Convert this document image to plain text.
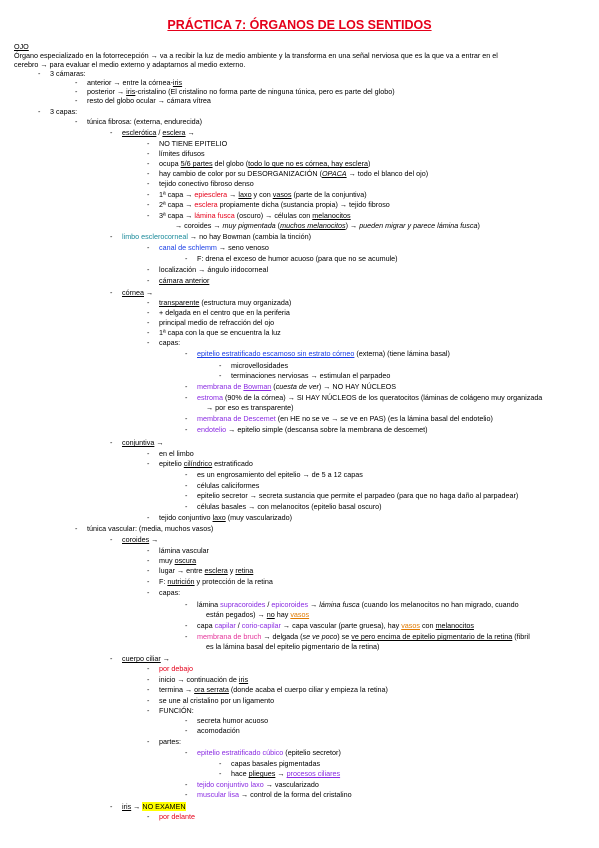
PRÁCTICA 7: ÓRGANOS DE LOS SENTIDOS
OJO
Órgano especializado en la fotorrecepción → va a recibir la luz de medio ambiente y la transforma en una señal nerviosa que es la que va a entrar en el
cerebro → para evaluar el medio externo y adaptarnos al medio externo.
- 3 cámaras:
- anterior → entre la córnea-iris
- posterior → iris-cristalino (El cristalino no forma parte de ninguna túnica, pero es parte del globo)
- resto del globo ocular → cámara vítrea
- 3 capas:
- túnica fibrosa: (externa, endurecida)
- esclerótica / esclera →
- NO TIENE EPITELIO
- límites difusos
- ocupa 5/6 partes del globo (todo lo que no es córnea, hay esclera)
- hay cambio de color por su DESORGANIZACIÓN (OPACA → todo el blanco del ojo)
- tejido conectivo fibroso denso
- 1ª capa → epiesclera → laxo y con vasos (parte de la conjuntiva)
- 2ª capa → esclera propiamente dicha (sustancia propia) → tejido fibroso
- 3ª capa → lámina fusca (oscuro) → células con melanocitos
→ coroides → muy pigmentada (muchos melanocitos) → pueden migrar y parece lámina fusca)
- limbo esclerocorneal → no hay Bowman (cambia la tinción)
- canal de schlemm → seno venoso
- F: drena el exceso de humor acuoso (para que no se acumule)
- localización → ángulo iridocorneal
- cámara anterior
- córnea →
- transparente (estructura muy organizada)
- + delgada en el centro que en la periferia
- principal medio de refracción del ojo
- 1ª capa con la que se encuentra la luz
- capas:
- epitelio estratificado escamoso sin estrato córneo (externa) (tiene lámina basal)
- microvellosidades
- terminaciones nerviosas → estimulan el parpadeo
- membrana de Bowman (cuesta de ver) → NO HAY NÚCLEOS
- estroma (90% de la córnea) → SI HAY NÚCLEOS de los queratocitos (láminas de colágeno muy organizada
→ por eso es transparente)
- membrana de Descemet (en HE no se ve → se ve en PAS) (es la lámina basal del endotelio)
- endotelio → epitelio simple (descansa sobre la membrana de descemet)
- conjuntiva →
- en el limbo
- epitelio cilíndrico estratificado
- es un engrosamiento del epitelio → de 5 a 12 capas
- células caliciformes
- epitelio secretor → secreta sustancia que permite el parpadeo (para que no haga daño al parpadear)
- células basales → con melanocitos (epitelio basal oscuro)
- tejido conjuntivo laxo (muy vascularizado)
- túnica vascular: (media, muchos vasos)
- coroides →
- lámina vascular
- muy oscura
- lugar → entre esclera y retina
- F: nutrición y protección de la retina
- capas:
- lámina supracoroides / epicoroides → lámina fusca (cuando los melanocitos no han migrado, cuando
están pegados) → no hay vasos
- capa capilar / corio-capilar → capa vascular (parte gruesa), hay vasos con melanocitos
- membrana de bruch → delgada (se ve poco) se ve pero encima de epitelio pigmentario de la retina (fibril
es la lámina basal del epitelio pigmentario de la retina)
- cuerpo ciliar →
- por debajo
- inicio → continuación de iris
- termina → ora serrata (donde acaba el cuerpo ciliar y empieza la retina)
- se une al cristalino por un ligamento
- FUNCIÓN:
- secreta humor acuoso
- acomodación
- partes:
- epitelio estratificado cúbico (epitelio secretor)
- capas basales pigmentadas
- hace pliegues → procesos ciliares
- tejido conjuntivo laxo → vascularizado
- muscular lisa → control de la forma del cristalino
- iris → NO EXAMEN
- por delante
